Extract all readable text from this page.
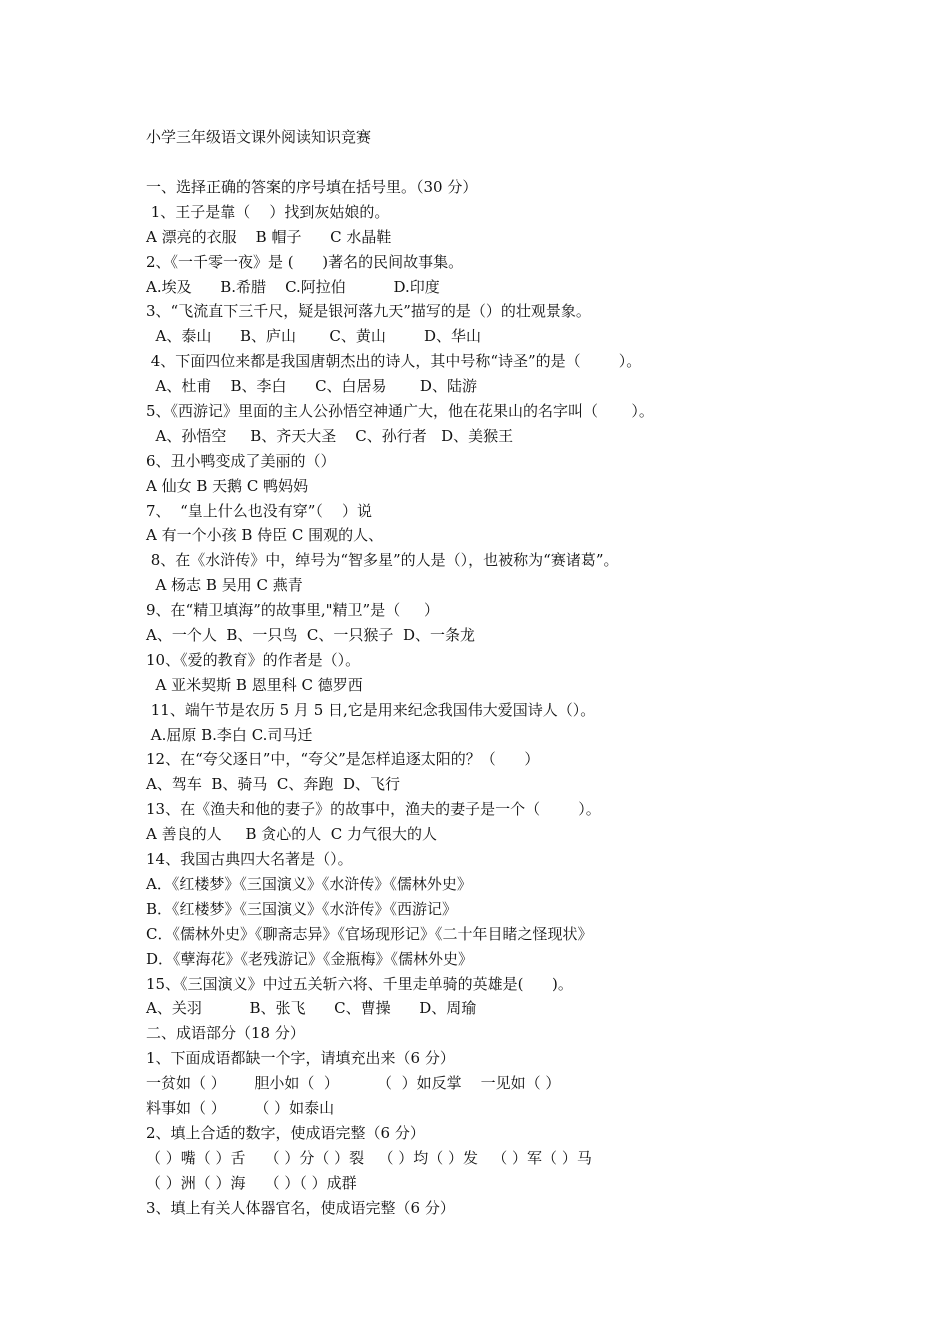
小学三年级语文课外阅读知识竞赛
一、选择正确的答案的序号填在括号里。（30 分）
1、王子是靠（    ）找到灰姑娘的。
A 漂亮的衣服    B 帽子      C 水晶鞋
2、《一千零一夜》是 (      )著名的民间故事集。
A.埃及      B.希腊    C.阿拉伯          D.印度
3、“飞流直下三千尺，疑是银河落九天”描写的是（）的壮观景象。
A、泰山      B、庐山       C、黄山        D、华山
4、下面四位来都是我国唐朝杰出的诗人，其中号称“诗圣”的是（        ）。
A、杜甫    B、李白      C、白居易       D、陆游
5、《西游记》里面的主人公孙悟空神通广大，他在花果山的名字叫（       ）。
A、孙悟空     B、齐天大圣    C、孙行者   D、美猴王
6、丑小鸭变成了美丽的（）
A 仙女 B 天鹅 C 鸭妈妈
7、  “皇上什么也没有穿”（    ）说
A 有一个小孩 B 侍臣 C 围观的人、
8、在《水浒传》中，绰号为“智多星”的人是（），也被称为“赛诸葛”。
A 杨志 B 吴用 C 燕青
9、在“精卫填海”的故事里,"精卫”是（     ）
A、一个人  B、一只鸟  C、一只猴子  D、一条龙
10、《爱的教育》的作者是（）。
A 亚米契斯 B 恩里科 C 德罗西
11、端午节是农历 5 月 5 日,它是用来纪念我国伟大爱国诗人（）。
A.屈原 B.李白 C.司马迁
12、在“夸父逐日”中，“夸父”是怎样追逐太阳的？（      ）
A、驾车  B、骑马  C、奔跑  D、飞行
13、在《渔夫和他的妻子》的故事中，渔夫的妻子是一个（        ）。
A 善良的人     B 贪心的人  C 力气很大的人
14、我国古典四大名著是（）。
A．《红楼梦》《三国演义》《水浒传》《儒林外史》
B．《红楼梦》《三国演义》《水浒传》《西游记》
C．《儒林外史》《聊斋志异》《官场现形记》《二十年目睹之怪现状》
D．《孽海花》《老残游记》《金瓶梅》《儒林外史》
15、《三国演义》中过五关斩六将、千里走单骑的英雄是(      )。
A、关羽          B、张飞      C、曹操      D、周瑜
二、成语部分（18 分）
1、下面成语都缺一个字，请填充出来（6 分）
一贫如（ ）      胆小如（  ）        （  ）如反掌    一见如（ ）
料事如（ ）      （ ）如泰山
2、填上合适的数字，使成语完整（6 分）
（ ）嘴（ ）舌    （ ）分（ ）裂   （ ）均（ ）发   （ ）军（ ）马
（ ）洲（ ）海    （ ）（ ）成群
3、填上有关人体器官名，使成语完整（6 分）
